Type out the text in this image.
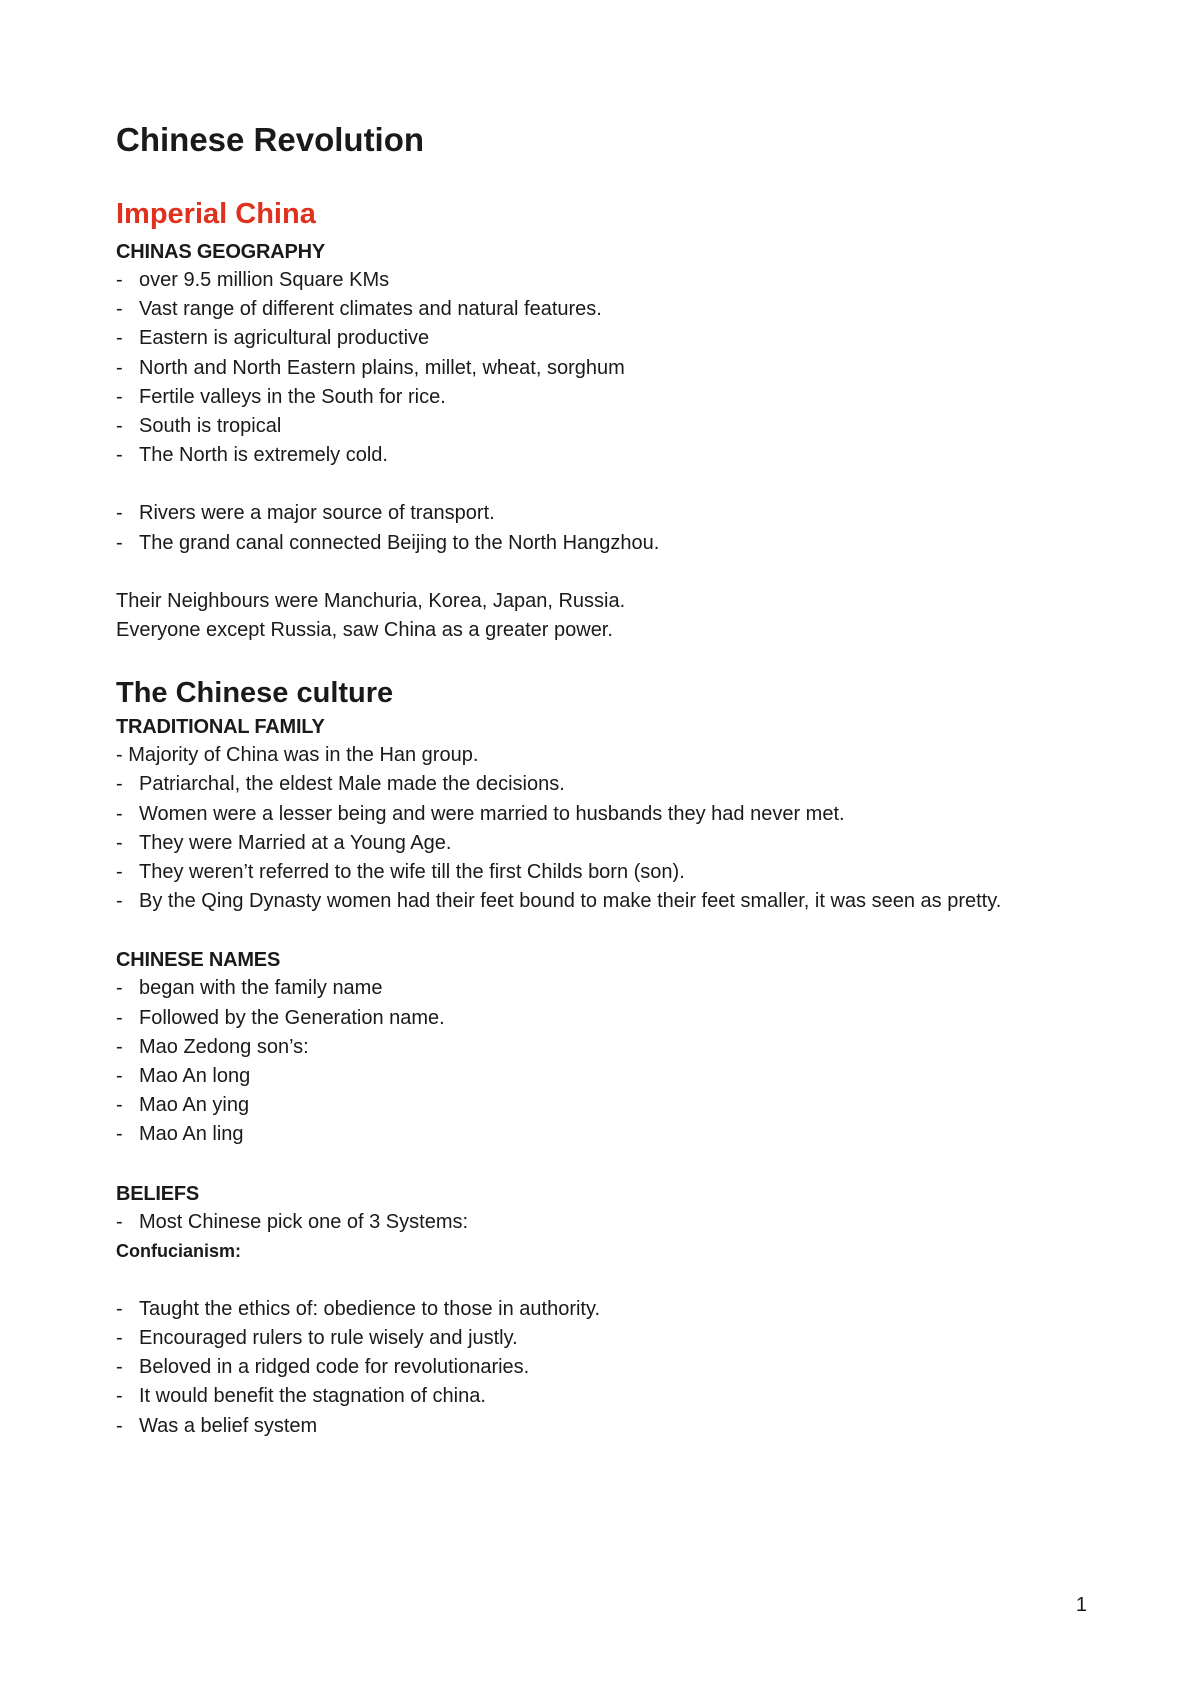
Chinese Revolution
Imperial China
CHINAS GEOGRAPHY
- over 9.5 million Square KMs
- Vast range of different climates and natural features.
- Eastern is agricultural productive
- North and North Eastern plains, millet, wheat, sorghum
- Fertile valleys in the South for rice.
- South is tropical
- The North is extremely cold.
- Rivers were a major source of transport.
- The grand canal connected Beijing to the North Hangzhou.

Their Neighbours were Manchuria, Korea, Japan, Russia.

Everyone except Russia, saw China as a greater power.

The Chinese culture
TRADITIONAL FAMILY

- Majority of China was in the Han group.

- Patriarchal, the eldest Male made the decisions.
- Women were a lesser being and were married to husbands they had never met.
- They were Married at a Young Age.
- They weren’t referred to the wife till the first Childs born (son).
- By the Qing Dynasty women had their feet bound to make their feet smaller, it was seen as pretty.
CHINESE NAMES
- began with the family name
- Followed by the Generation name.
- Mao Zedong son’s:
- Mao An long
- Mao An ying
- Mao An ling
BELIEFS
- Most Chinese pick one of 3 Systems:
Confucianism:
- Taught the ethics of: obedience to those in authority.
- Encouraged rulers to rule wisely and justly.
- Beloved in a ridged code for revolutionaries.
- It would benefit the stagnation of china.
- Was a belief system
1
